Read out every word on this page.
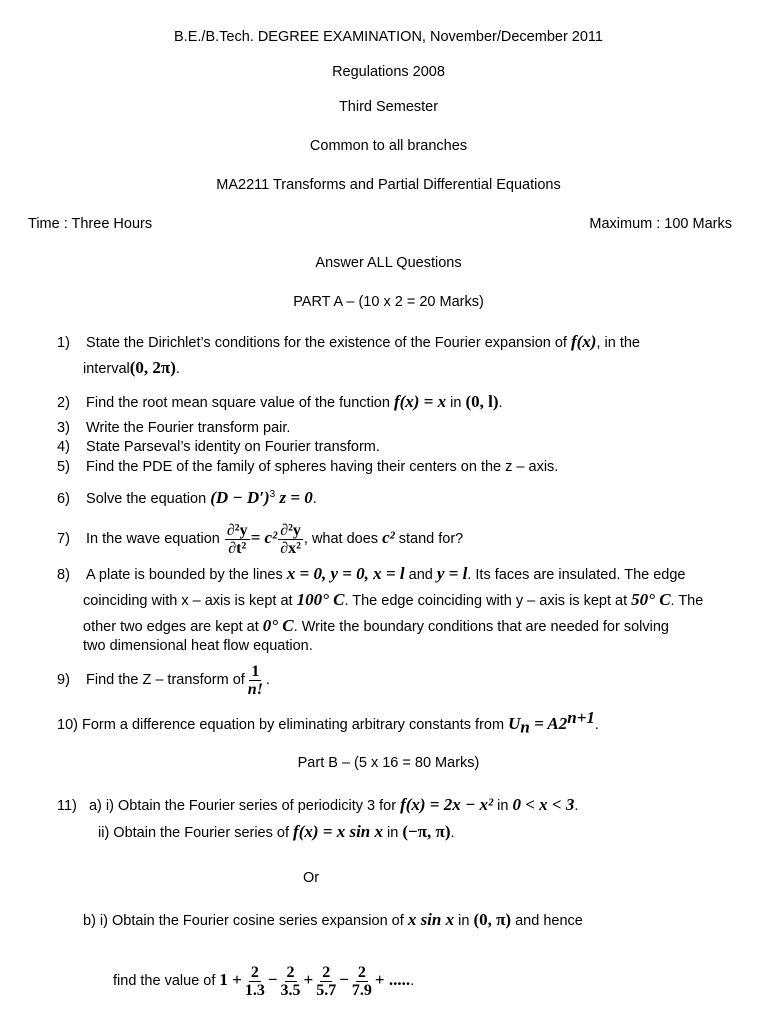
B.E./B.Tech. DEGREE EXAMINATION, November/December 2011
Regulations 2008
Third Semester
Common to all branches
MA2211 Transforms and Partial Differential Equations
Time : Three Hours	Maximum : 100 Marks
Answer ALL Questions
PART A – (10 x 2 = 20 Marks)
1) State the Dirichlet’s conditions for the existence of the Fourier expansion of f(x), in the
interval(0, 2π).
2) Find the root mean square value of the function f(x) = x in (0, l).
3) Write the Fourier transform pair.
4) State Parseval’s identity on Fourier transform.
5) Find the PDE of the family of spheres having their centers on the z – axis.
6) Solve the equation $(D - D')^3$ z = 0.
7) In the wave equation $\frac{\text{∂²y}}{\text{∂t²}} = c^2 \frac{\text{∂²y}}{\text{∂x²}}$ , what does c² stand for?
8) A plate is bounded by the lines x = 0, y = 0, x = l and y = l. Its faces are insulated. The edge
coinciding with x – axis is kept at 100° C. The edge coinciding with y – axis is kept at 50° C. The
other two edges are kept at 0° C. Write the boundary conditions that are needed for solving
two dimensional heat flow equation.
9) Find the Z – transform of $\frac{1}{n!}$ .
10) Form a difference equation by eliminating arbitrary constants from $U_n = A2^{n+1}$.
Part B – (5 x 16 = 80 Marks)
11) a) i) Obtain the Fourier series of periodicity 3 for f(x) = 2x − x² in 0 < x < 3.
ii) Obtain the Fourier series of f(x) = x sin x in (−π, π).
Or
b) i) Obtain the Fourier cosine series expansion of x sin x in (0, π) and hence
find the value of $1 + \frac{2}{1.3} - \frac{2}{3.5} + \frac{2}{5.7} - \frac{2}{7.9}$ + ......
